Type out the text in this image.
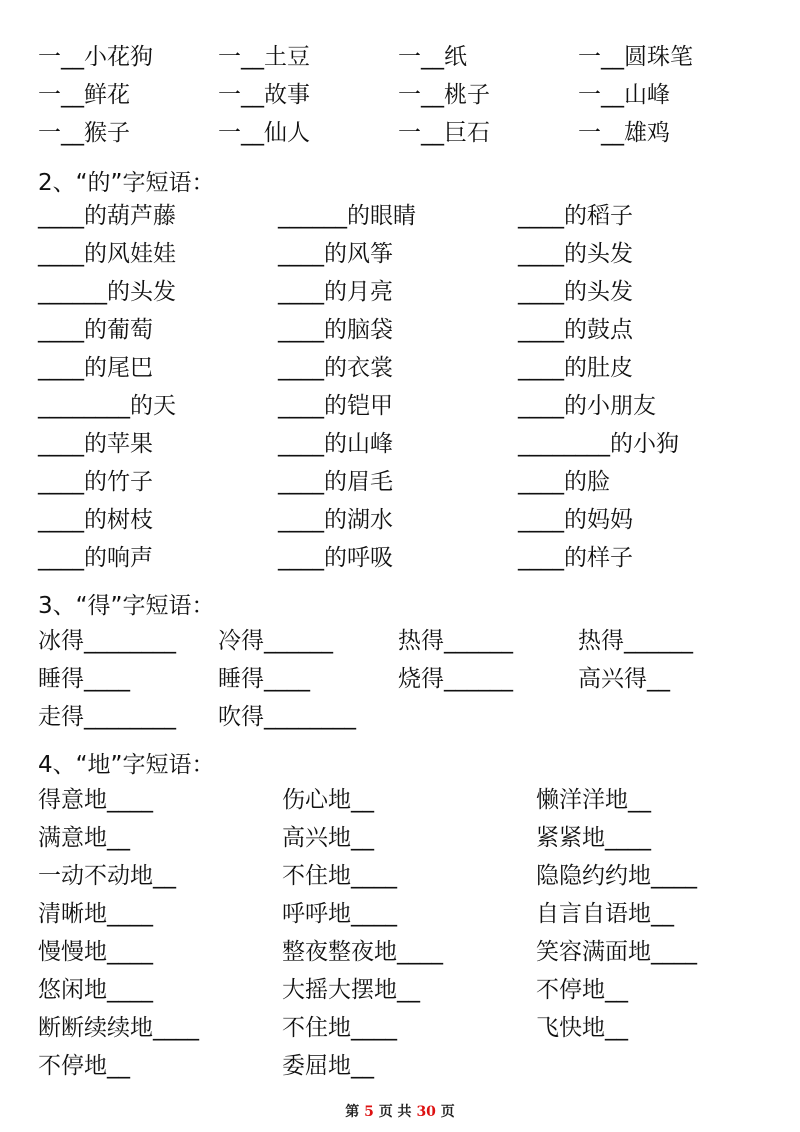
一__小花狗	一__土豆	一__纸	一__圆珠笔
一__鲜花	一__故事	一__桃子	一__山峰
一__猴子	一__仙人	一__巨石	一__雄鸡
2、“的”字短语：
____的葫芦藤	______的眼睛	____的稻子
____的风娃娃	____的风筝	____的头发
______的头发	____的月亮	____的头发
____的葡萄	____的脑袋	____的鼓点
____的尾巴	____的衣裳	____的肚皮
________的天	____的铠甲	____的小朋友
____的苹果	____的山峰	________的小狗
____的竹子	____的眉毛	____的脸
____的树枝	____的湖水	____的妈妈
____的响声	____的呼吸	____的样子
3、“得”字短语：
冰得________ 冷得______	热得______	热得______
睡得____	睡得____	烧得______	高兴得__
走得________ 吹得________
4、“地”字短语：
得意地____	伤心地__	懒洋洋地__
满意地__	高兴地__	紧紧地____
一动不动地__	不住地____	隐隐约约地____
清晰地____	呼呼地____	自言自语地__
慢慢地____	整夜整夜地____	笑容满面地____
悠闲地____	大摇大摆地__	不停地__
断断续续地____	不住地____	飞快地__
不停地__	委屈地__
第 5 页 共 30 页
